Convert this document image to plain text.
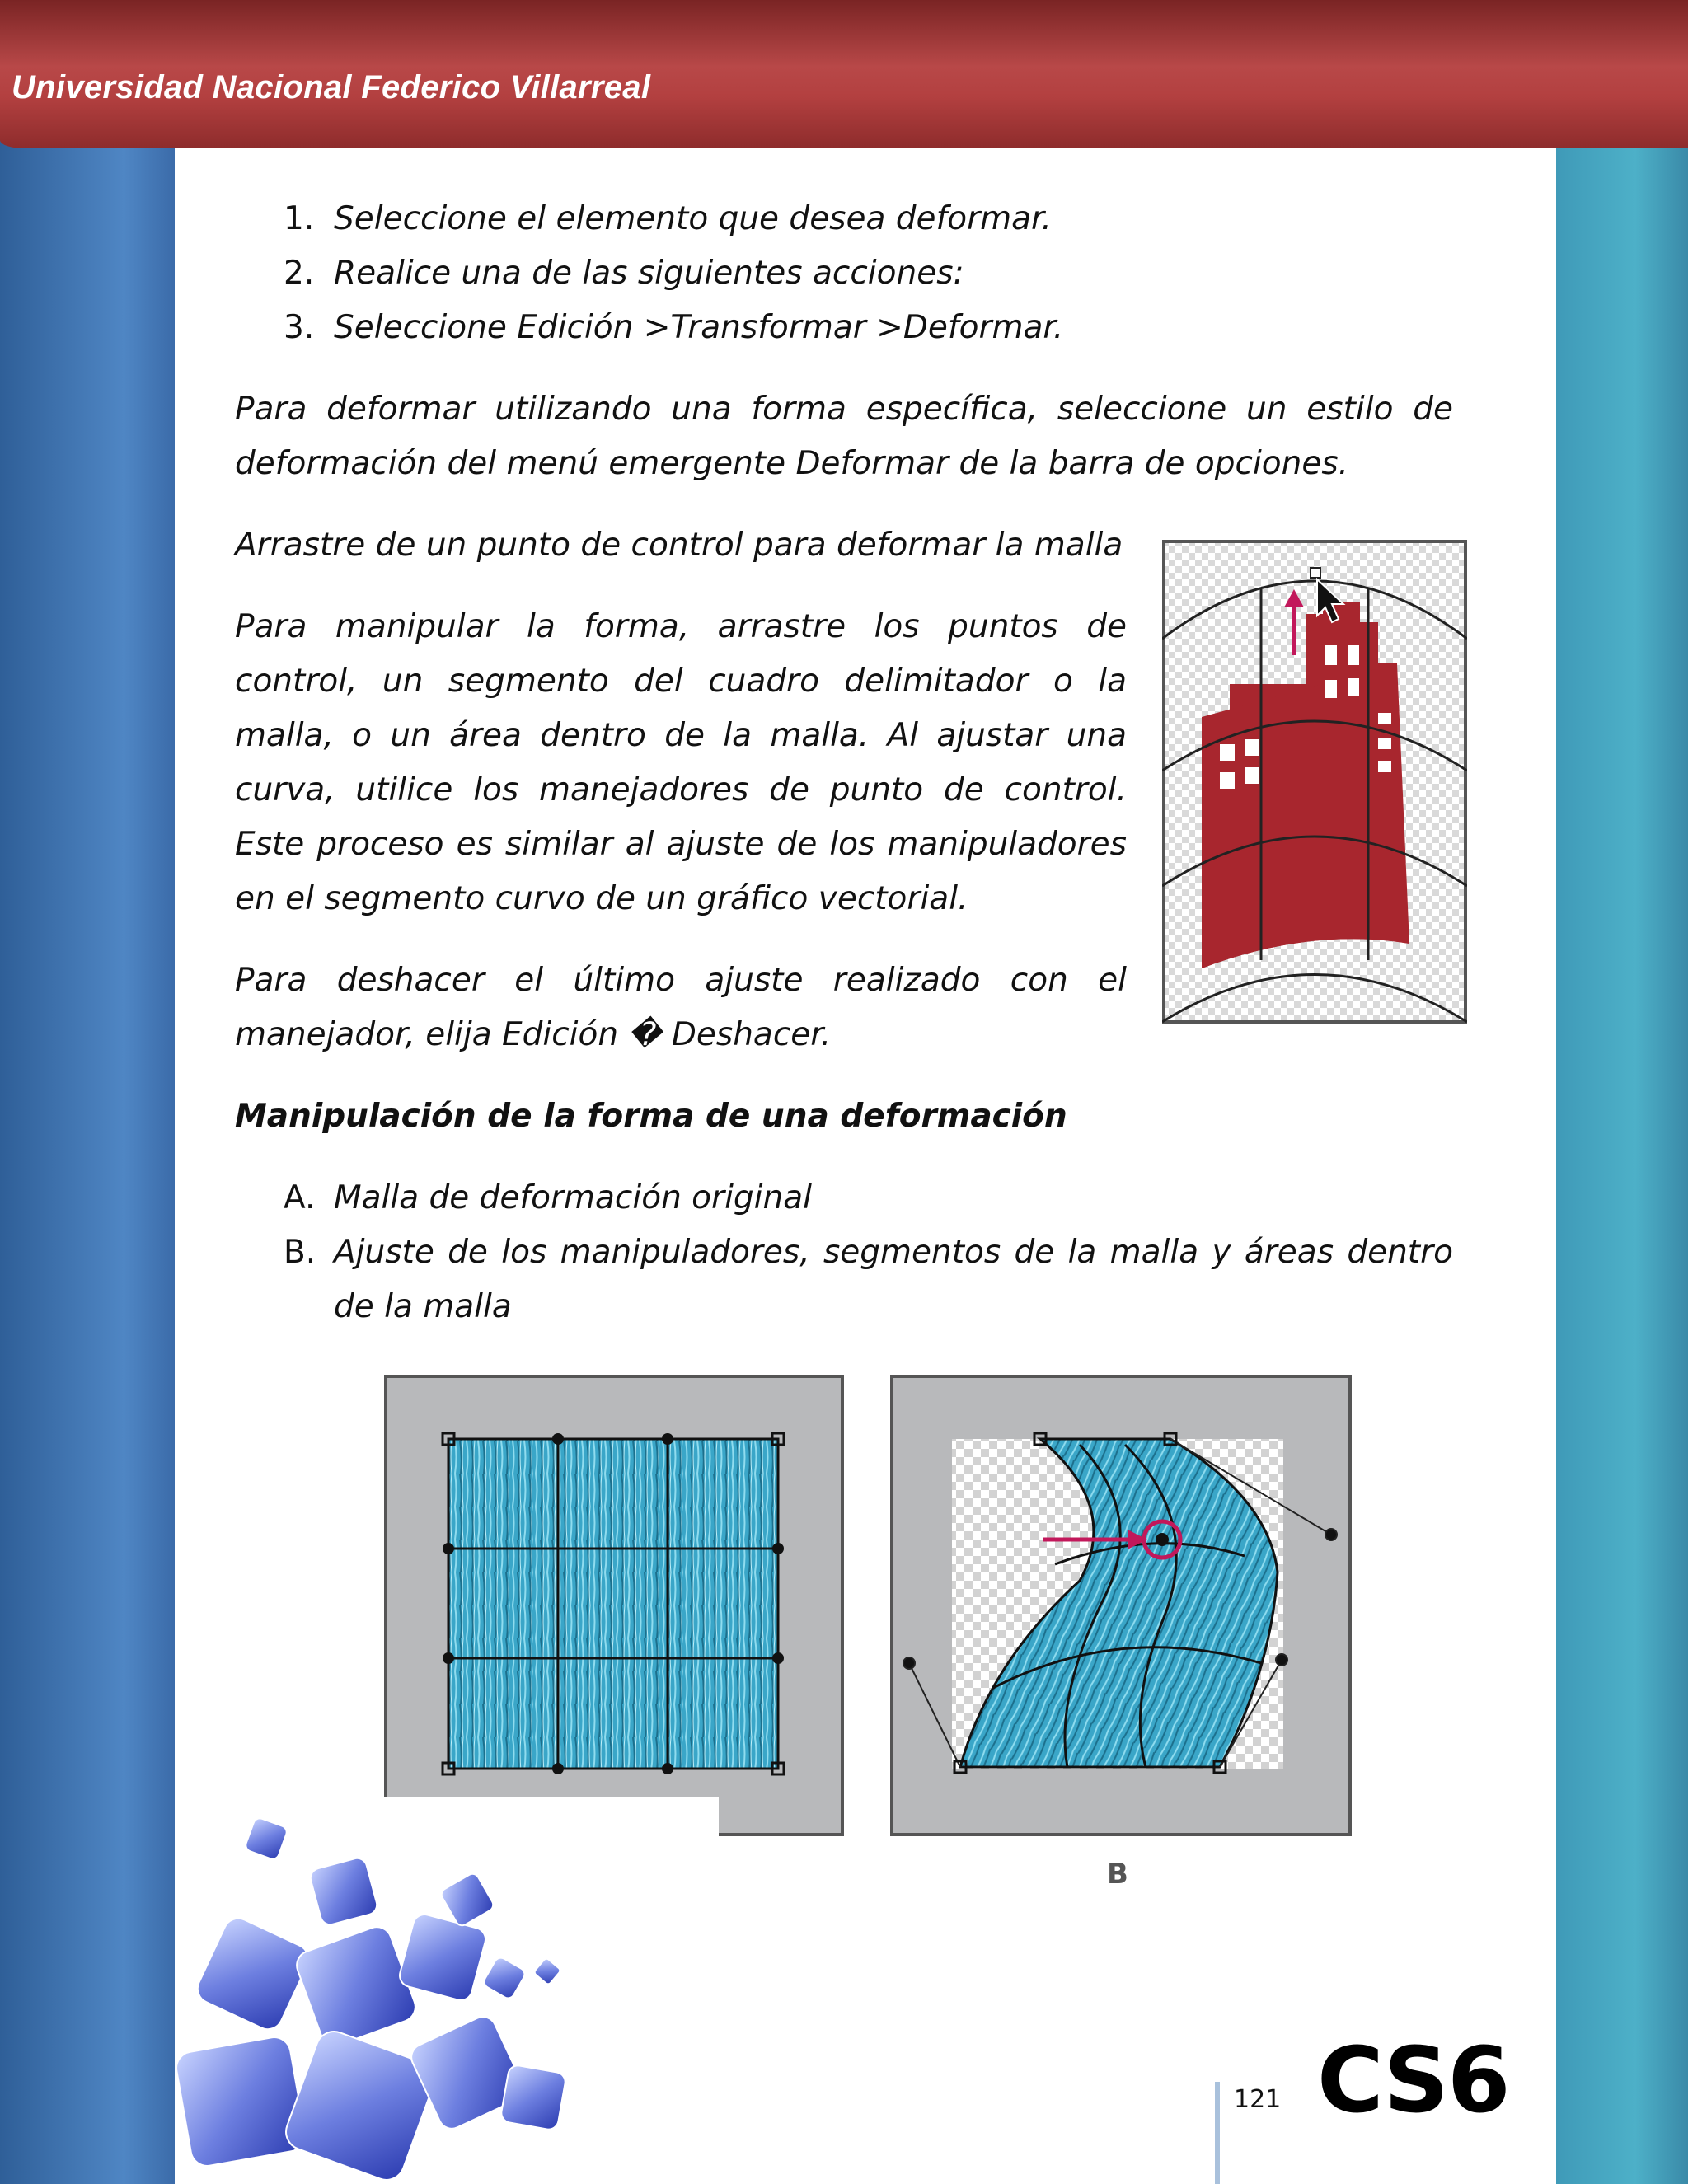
Universidad Nacional Federico Villarreal
1. Seleccione el elemento que desea deformar.
2. Realice una de las siguientes acciones:
3. Seleccione Edición >Transformar >Deformar.
Para deformar utilizando una forma específica, seleccione un estilo de deformación del menú emergente Deformar de la barra de opciones.
Arrastre de un punto de control para deformar la malla
Para manipular la forma, arrastre los puntos de control, un segmento del cuadro delimitador o la malla, o un área dentro de la malla. Al ajustar una curva, utilice los manejadores de punto de control. Este proceso es similar al ajuste de los manipuladores en el segmento curvo de un gráfico vectorial.
Para deshacer el último ajuste realizado con el manejador, elija Edición � Deshacer.
Manipulación de la forma de una deformación
A. Malla de deformación original
B. Ajuste de los manipuladores, segmentos de la malla y áreas dentro de la malla
B
121 CS6
